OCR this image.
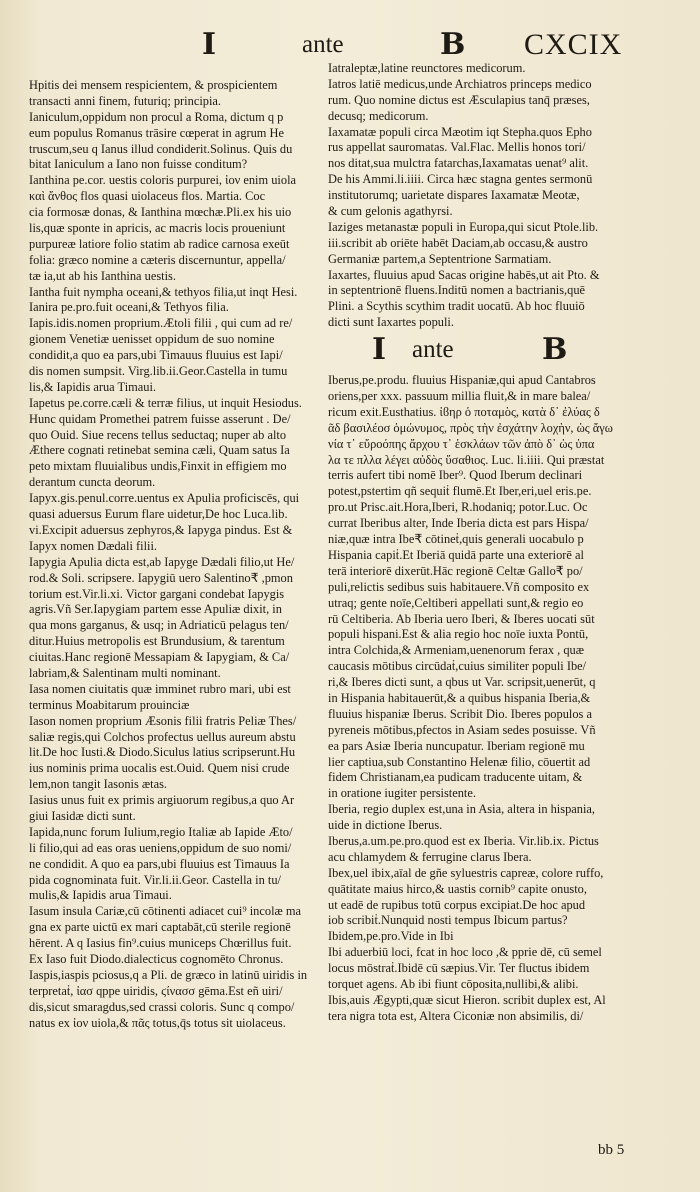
I	ante	B CXCIX
Hpitis dei mensem respicientem, & prospicientem
transacti anni finem, futuriq; principia.
Ianiculum,oppidum non procul a Roma, dictum q p
eum populus Romanus trāsire cœperat in agrum He
truscum,seu q Ianus illud condiderit.Solinus. Quis du
bitat Ianiculum a Iano non fuisse conditum?
Ianthina pe.cor. uestis coloris purpurei, ἰον enim uiola
καὶ ἄνθος flos quasi uiolaceus flos. Martia. Coc
cia formosæ donas, & Ianthina mœchæ.Pli.ex his uio
lis,quæ sponte in apricis, ac macris locis proueniunt
purpureæ latiore folio statim ab radice carnosa exeūt
folia: græco nomine a cæteris discernuntur, appella/
tæ ia,ut ab his Ianthina uestis.
Iantha fuit nympha oceani,& tethyos filia,ut inqt Hesi.
Ianira pe.pro.fuit oceani,& Tethyos filia.
Iapis.idis.nomen proprium.Ætoli filii , qui cum ad re/
gionem Venetiæ uenisset oppidum de suo nomine
condidit,a quo ea pars,ubi Timauus fluuius est Iapi/
dis nomen sumpsit. Virg.lib.ii.Geor.Castella in tumu
lis,& Iapidis arua Timaui.
Iapetus pe.corre.cæli & terræ filius, ut inquit Hesiodus.
Hunc quidam Promethei patrem fuisse asserunt . De/
quo Ouid. Siue recens tellus seductaq; nuper ab alto
Æthere cognati retinebat semina cæli, Quam satus Ia
peto mixtam fluuialibus undis,Finxit in effigiem mo
derantum cuncta deorum.
Iapyx.gis.penul.corre.uentus ex Apulia proficiscēs, qui
quasi aduersus Eurum flare uidetur,De hoc Luca.lib.
vi.Excipit aduersus zephyros,& Iapyga pindus. Est &
Iapyx nomen Dædali filii.
Iapygia Apulia dicta est,ab Iapyge Dædali filio,ut He/
rod.& Soli. scripsere. Iapygiū uero Salentino₹ ,pmon
torium est.Vir.li.xi. Victor gargani condebat Iapygis
agris.Vñ Ser.Iapygiam partem esse Apuliæ dixit, in
qua mons garganus, & usq; in Adriaticū pelagus ten/
ditur.Huius metropolis est Brundusium, & tarentum
ciuitas.Hanc regionē Messapiam & Iapygiam, & Ca/
labriam,& Salentinam multi nominant.
Iasa nomen ciuitatis quæ imminet rubro mari, ubi est
terminus Moabitarum prouinciæ
Iason nomen proprium Æsonis filii fratris Peliæ Thes/
saliæ regis,qui Colchos profectus uellus aureum abstu
lit.De hoc Iusti.& Diodo.Siculus latius scripserunt.Hu
ius nominis prima uocalis est.Ouid. Quem nisi crude
lem,non tangit Iasonis ætas.
Iasius unus fuit ex primis argiuorum regibus,a quo Ar
giui Iasidæ dicti sunt.
Iapida,nunc forum Iulium,regio Italiæ ab Iapide Æto/
li filio,qui ad eas oras ueniens,oppidum de suo nomi/
ne condidit. A quo ea pars,ubi fluuius est Timauus Ia
pida cognominata fuit. Vir.li.ii.Geor. Castella in tu/
mulis,& Iapidis arua Timaui.
Iasum insula Cariæ,cū cōtinenti adiacet cui⁹ incolæ ma
gna ex parte uictū ex mari captabāt,cū sterile regionē
hērent. A q Iasius fin⁹.cuius municeps Chœrillus fuit.
Ex Iaso fuit Diodo.dialecticus cognomēto Chronus.
Iaspis,iaspis pciosus,q a Pli. de græco in latinū uiridis in
terpretaṫ, ἰασ qppe uiridis, ϛίνασσ gēma.Est eñ uiri/
dis,sicut smaragdus,sed crassi coloris. Sunc q compo/
natus ex ἰον uiola,& πᾶς totus,q̄s totus sit uiolaceus.
Iatraleptæ,latine reunctores medicorum.
Iatros latiē medicus,unde Archiatros princeps medico
rum. Quo nomine dictus est Æsculapius tanq̄ præses,
decusq; medicorum.
Iaxamatæ populi circa Mæotim iqt Stepha.quos Epho
rus appellat sauromatas. Val.Flac. Mellis honos tori/
nos ditat,sua mulctra fatarchas,Iaxamatas uenat⁹ alit.
De his Ammi.li.iiii. Circa hæc stagna gentes sermonū
institutorumq; uarietate dispares Iaxamatæ Meotæ,
& cum gelonis agathyrsi.
Iaziges metanastæ populi in Europa,qui sicut Ptole.lib.
iii.scribit ab oriēte habēt Daciam,ab occasu,& austro
Germaniæ partem,a Septentrione Sarmatiam.
Iaxartes, fluuius apud Sacas origine habēs,ut ait Pto. &
in septentrionē fluens.Inditū nomen a bactrianis,quē
Plini. a Scythis scythim tradit uocatū. Ab hoc fluuiō
dicti sunt Iaxartes populi.
I ante	B
Iberus,pe.produ. fluuius Hispaniæ,qui apud Cantabros
oriens,per xxx. passuum millia fluit,& in mare balea/
ricum exit.Eusthatius. ἰϐηρ ὁ ποταμὸς, κατὰ δ᾽ ἐλύας δ
ᾶδ βασιλέοσ ὁμώνυμος, πρὸς τὴν ἐσχάτην λοχὴν, ὡς ἄγω
νία τ᾽ εὔροόπης ἄρχου τ᾽ ἑσκλάων τῶν ἀπὸ δ᾽ ὡς ὑπα
λα τε πλλα λέγει αὐδὸς ὕσαθιος. Luc. li.iiii. Qui præstat
terris aufert tibi nomē Iber⁹. Quod Iberum declinari
potest,pstertim qñ sequiṫ flumē.Et Iber,eri,uel eris.pe.
pro.ut Prisc.ait.Hora,Iberi, R.hodaniq; potor.Luc. Oc
currat Iberibus alter, Inde Iberia dicta est pars Hispa/
niæ,quæ intra Ibe₹ cōtineṫ,quis generali uocabulo p
Hispania capiṫ.Et Iberiā quidā parte una exteriorē al
terā interiorē dixerūt.Hāc regionē Celtæ Gallo₹ po/
puli,relictis sedibus suis habitauere.Vñ composito ex
utraq; gente noīe,Celtiberi appellati sunt,& regio eo
rū Celtiberia. Ab Iberia uero Iberi, & Iberes uocati sūt
populi hispani.Est & alia regio hoc noīe iuxta Pontū,
intra Colchida,& Armeniam,uenenorum ferax , quæ
caucasis mōtibus circūdaṫ,cuius similiter populi Ibe/
ri,& Iberes dicti sunt, a qbus ut Var. scripsit,uenerūt, q
in Hispania habitauerūt,& a quibus hispania Iberia,&
fluuius hispaniæ Iberus. Scribit Dio. Iberes populos a
pyreneis mōtibus,pfectos in Asiam sedes posuisse. Vñ
ea pars Asiæ Iberia nuncupatur. Iberiam regionē mu
lier captiua,sub Constantino Helenæ filio, cōuertit ad
fidem Christianam,ea pudicam traducente uitam, &
in oratione iugiter persistente.
Iberia, regio duplex est,una in Asia, altera in hispania,
uide in dictione Iberus.
Iberus,a.um.pe.pro.quod est ex Iberia. Vir.lib.ix. Pictus
acu chlamydem & ferrugine clarus Ibera.
Ibex,uel ibix,aīal de gñe syluestris capreæ, colore ruffo,
quātitate maius hirco,& uastis cornib⁹ capite onusto,
ut eadē de rupibus totū corpus excipiat.De hoc apud
iob scribiṫ.Nunquid nosti tempus Ibicum partus?
Ibidem,pe.pro.Vide in Ibi
Ibi aduerbiū loci, fcat in hoc loco ,& pprie dē, cū semel
locus mōstraṫ.Ibidē cū sæpius.Vir. Ter fluctus ibidem
torquet agens. Ab ibi fiunt cōposita,nullibi,& alibi.
Ibis,auis Ægypti,quæ sicut Hieron. scribit duplex est, Al
tera nigra tota est, Altera Ciconiæ non absimilis, di/
bb 5
